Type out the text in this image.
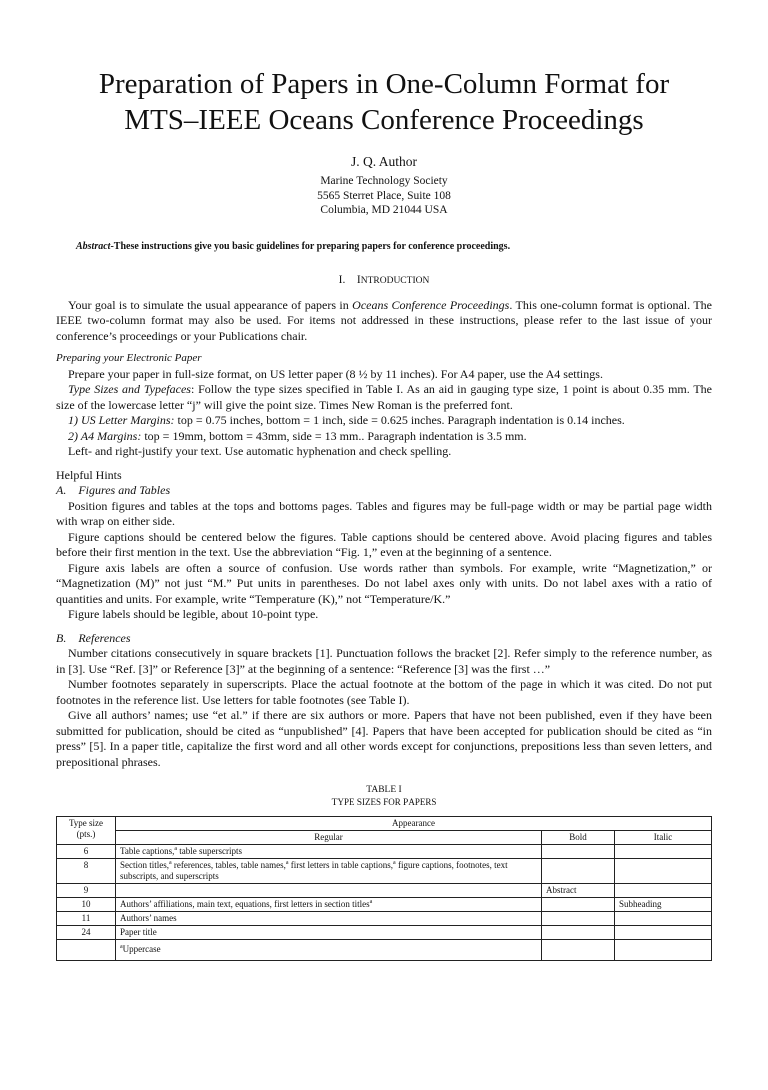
Preparation of Papers in One-Column Format for
MTS–IEEE Oceans Conference Proceedings
J. Q. Author
Marine Technology Society
5565 Sterret Place, Suite 108
Columbia, MD 21044 USA
Abstract-These instructions give you basic guidelines for preparing papers for conference proceedings.
I. INTRODUCTION

Your goal is to simulate the usual appearance of papers in Oceans Conference Proceedings. This one-column format is optional. The IEEE two-column format may also be used. For items not addressed in these instructions, please refer to the last issue of your conference’s proceedings or your Publications chair.

Preparing your Electronic Paper

Prepare your paper in full-size format, on US letter paper (8 ½ by 11 inches). For A4 paper, use the A4 settings.

Type Sizes and Typefaces: Follow the type sizes specified in Table I. As an aid in gauging type size, 1 point is about 0.35 mm. The size of the lowercase letter “j” will give the point size. Times New Roman is the preferred font.

1) US Letter Margins: top = 0.75 inches, bottom = 1 inch, side = 0.625 inches. Paragraph indentation is 0.14 inches.

2) A4 Margins: top = 19mm, bottom = 43mm, side = 13 mm.. Paragraph indentation is 3.5 mm.

Left- and right-justify your text. Use automatic hyphenation and check spelling.

Helpful Hints
A. Figures and Tables

Position figures and tables at the tops and bottoms pages. Tables and figures may be full-page width or may be partial page width with wrap on either side.

Figure captions should be centered below the figures. Table captions should be centered above. Avoid placing figures and tables before their first mention in the text. Use the abbreviation “Fig. 1,” even at the beginning of a sentence.

Figure axis labels are often a source of confusion. Use words rather than symbols. For example, write “Magnetization,” or “Magnetization (M)” not just “M.” Put units in parentheses. Do not label axes only with units. Do not label axes with a ratio of quantities and units. For example, write “Temperature (K),” not “Temperature/K.”

Figure labels should be legible, about 10-point type.

B. References

Number citations consecutively in square brackets [1]. Punctuation follows the bracket [2]. Refer simply to the reference number, as in [3]. Use “Ref. [3]” or Reference [3]” at the beginning of a sentence: “Reference [3] was the first …”

Number footnotes separately in superscripts. Place the actual footnote at the bottom of the page in which it was cited. Do not put footnotes in the reference list. Use letters for table footnotes (see Table I).

Give all authors’ names; use “et al.” if there are six authors or more. Papers that have not been published, even if they have been submitted for publication, should be cited as “unpublished” [4]. Papers that have been accepted for publication should be cited as “in press” [5]. In a paper title, capitalize the first word and all other words except for conjunctions, prepositions less than seven letters, and prepositional phrases.

TABLE I
TYPE SIZES FOR PAPERS
Type size (pts.)	Appearance		
	Regular	Bold	Italic
6	Table captions,$^a$ table superscripts		
8	Section titles,$^a$ references, tables, table names,$^a$ first letters in table captions,$^a$ figure captions, footnotes, text subscripts, and superscripts		
9		Abstract	
10	Authors’ affiliations, main text, equations, first letters in section titles$^a$		Subheading
11	Authors’ names		
24	Paper title		
	$^a$Uppercase		
